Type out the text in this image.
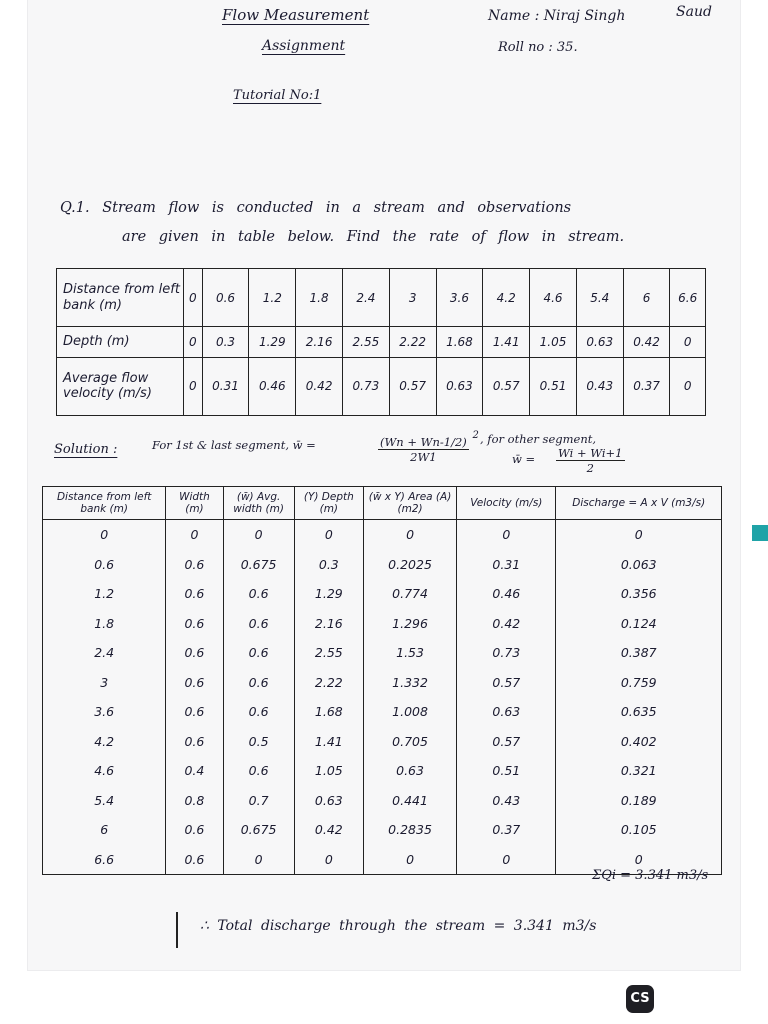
Flow Measurement
Assignment
Tutorial No:1
Name : Niraj Singh	Saud
Roll no : 35.
Q.1. Stream flow is conducted in a stream and observations
are given in table below. Find the rate of flow in stream.
Distance from left bank (m)	0	0.6	1.2	1.8	2.4	3	3.6	4.2	4.6	5.4	6	6.6
Depth (m)	0	0.3	1.29	2.16	2.55	2.22	1.68	1.41	1.05	0.63	0.42	0
Average flow velocity (m/s)	0	0.31	0.46	0.42	0.73	0.57	0.63	0.57	0.51	0.43	0.37	0
Solution :	For 1st & last segment, w̄ =	$\frac{(Wn + Wn-1/2)}{2W1} ^2$ , for other segment,
w̄ = $\frac{Wi + Wi+1}{2}$
Distance from left bank (m)	Width (m)	(w̄) Avg. width (m)	(Y) Depth (m)	(w̄ x Y) Area (A) (m2)	Velocity (m/s)	Discharge = A x V (m3/s)
0	0	0	0	0	0	0
0.6	0.6	0.675	0.3	0.2025	0.31	0.063
1.2	0.6	0.6	1.29	0.774	0.46	0.356
1.8	0.6	0.6	2.16	1.296	0.42	0.124
2.4	0.6	0.6	2.55	1.53	0.73	0.387
3	0.6	0.6	2.22	1.332	0.57	0.759
3.6	0.6	0.6	1.68	1.008	0.63	0.635
4.2	0.6	0.5	1.41	0.705	0.57	0.402
4.6	0.4	0.6	1.05	0.63	0.51	0.321
5.4	0.8	0.7	0.63	0.441	0.43	0.189
6	0.6	0.675	0.42	0.2835	0.37	0.105
6.6	0.6	0	0	0	0	0
ΣQi = 3.341 m3/s
∴ Total discharge through the stream = 3.341 m3/s
CS
